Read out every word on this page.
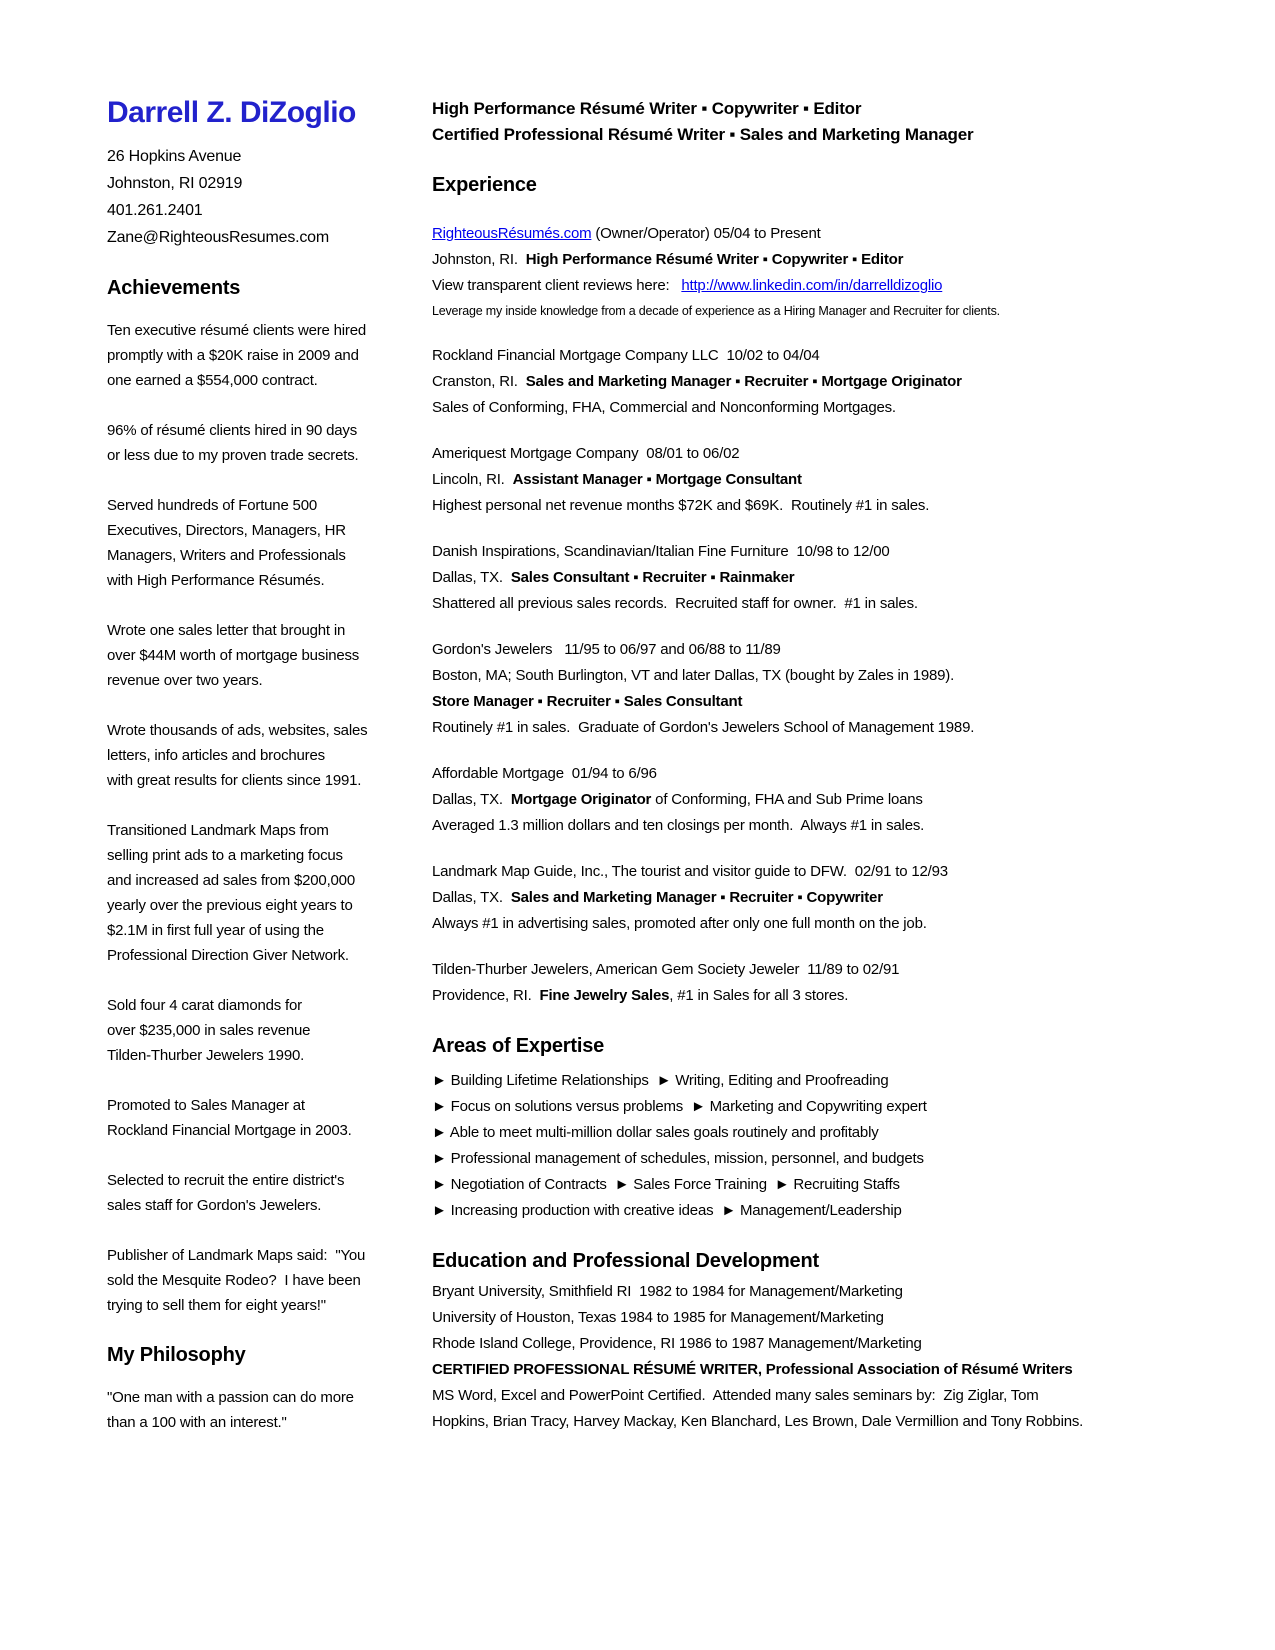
Darrell Z. DiZoglio
26 Hopkins Avenue
Johnston, RI 02919
401.261.2401
Zane@RighteousResumes.com
Achievements
Ten executive résumé clients were hired
promptly with a $20K raise in 2009 and
one earned a $554,000 contract.
96% of résumé clients hired in 90 days
or less due to my proven trade secrets.
Served hundreds of Fortune 500
Executives, Directors, Managers, HR
Managers, Writers and Professionals
with High Performance Résumés.
Wrote one sales letter that brought in
over $44M worth of mortgage business
revenue over two years.
Wrote thousands of ads, websites, sales
letters, info articles and brochures
with great results for clients since 1991.
Transitioned Landmark Maps from
selling print ads to a marketing focus
and increased ad sales from $200,000
yearly over the previous eight years to
$2.1M in first full year of using the
Professional Direction Giver Network.
Sold four 4 carat diamonds for
over $235,000 in sales revenue
Tilden-Thurber Jewelers 1990.
Promoted to Sales Manager at
Rockland Financial Mortgage in 2003.
Selected to recruit the entire district's
sales staff for Gordon's Jewelers.
Publisher of Landmark Maps said:  "You
sold the Mesquite Rodeo?  I have been
trying to sell them for eight years!"
My Philosophy
"One man with a passion can do more
than a 100 with an interest."
High Performance Résumé Writer ▪ Copywriter ▪ Editor
Certified Professional Résumé Writer ▪ Sales and Marketing Manager
Experience
RighteousRésumés.com (Owner/Operator) 05/04 to Present
Johnston, RI.  High Performance Résumé Writer ▪ Copywriter ▪ Editor
View transparent client reviews here:   http://www.linkedin.com/in/darrelldizoglio
Leverage my inside knowledge from a decade of experience as a Hiring Manager and Recruiter for clients.
Rockland Financial Mortgage Company LLC  10/02 to 04/04
Cranston, RI.  Sales and Marketing Manager ▪ Recruiter ▪ Mortgage Originator
Sales of Conforming, FHA, Commercial and Nonconforming Mortgages.
Ameriquest Mortgage Company  08/01 to 06/02
Lincoln, RI.  Assistant Manager ▪ Mortgage Consultant
Highest personal net revenue months $72K and $69K.  Routinely #1 in sales.
Danish Inspirations, Scandinavian/Italian Fine Furniture  10/98 to 12/00
Dallas, TX.  Sales Consultant ▪ Recruiter ▪ Rainmaker
Shattered all previous sales records.  Recruited staff for owner.  #1 in sales.
Gordon's Jewelers   11/95 to 06/97 and 06/88 to 11/89
Boston, MA; South Burlington, VT and later Dallas, TX (bought by Zales in 1989).
Store Manager ▪ Recruiter ▪ Sales Consultant
Routinely #1 in sales.  Graduate of Gordon's Jewelers School of Management 1989.
Affordable Mortgage  01/94 to 6/96
Dallas, TX.  Mortgage Originator of Conforming, FHA and Sub Prime loans
Averaged 1.3 million dollars and ten closings per month.  Always #1 in sales.
Landmark Map Guide, Inc., The tourist and visitor guide to DFW.  02/91 to 12/93
Dallas, TX.  Sales and Marketing Manager ▪ Recruiter ▪ Copywriter
Always #1 in advertising sales, promoted after only one full month on the job.
Tilden-Thurber Jewelers, American Gem Society Jeweler  11/89 to 02/91
Providence, RI.  Fine Jewelry Sales, #1 in Sales for all 3 stores.
Areas of Expertise
► Building Lifetime Relationships  ► Writing, Editing and Proofreading
► Focus on solutions versus problems  ► Marketing and Copywriting expert
► Able to meet multi-million dollar sales goals routinely and profitably
► Professional management of schedules, mission, personnel, and budgets
► Negotiation of Contracts  ► Sales Force Training  ► Recruiting Staffs
► Increasing production with creative ideas  ► Management/Leadership
Education and Professional Development
Bryant University, Smithfield RI  1982 to 1984 for Management/Marketing
University of Houston, Texas 1984 to 1985 for Management/Marketing
Rhode Island College, Providence, RI 1986 to 1987 Management/Marketing
CERTIFIED PROFESSIONAL RÉSUMÉ WRITER, Professional Association of Résumé Writers
MS Word, Excel and PowerPoint Certified.  Attended many sales seminars by:  Zig Ziglar, Tom
Hopkins, Brian Tracy, Harvey Mackay, Ken Blanchard, Les Brown, Dale Vermillion and Tony Robbins.
